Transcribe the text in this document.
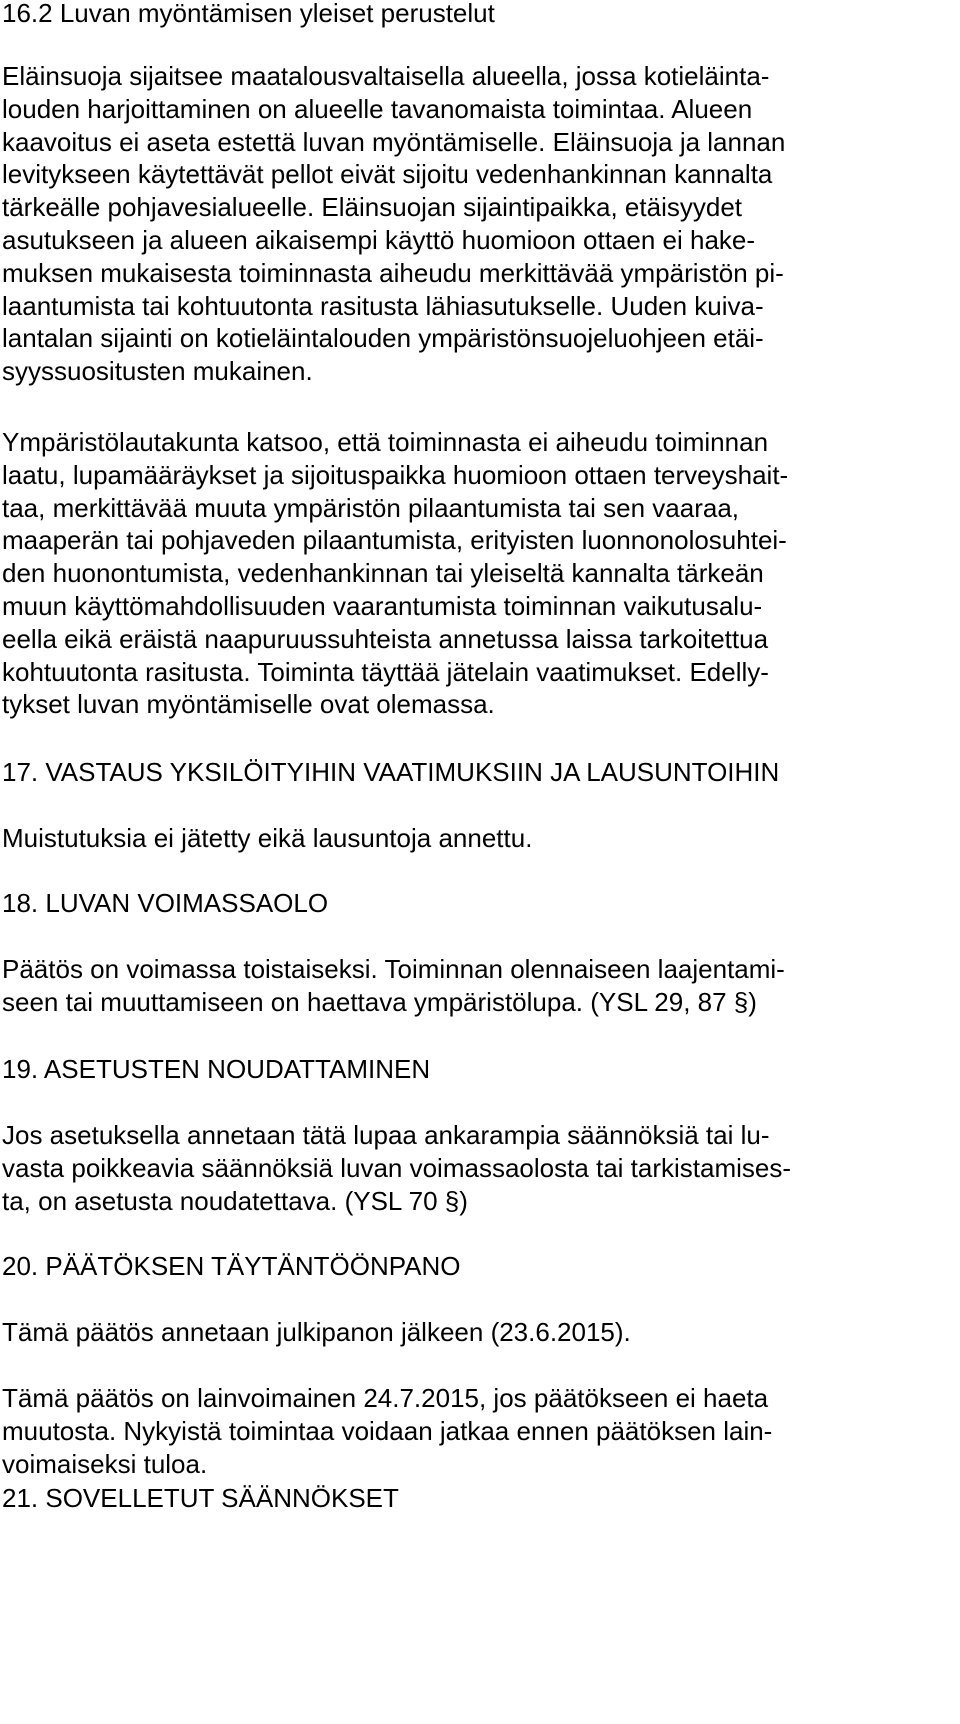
16.2 Luvan myöntämisen yleiset perustelut
Eläinsuoja sijaitsee maatalousvaltaisella alueella, jossa kotieläinta-
louden harjoittaminen on alueelle tavanomaista toimintaa. Alueen
kaavoitus ei aseta estettä luvan myöntämiselle. Eläinsuoja ja lannan
levitykseen käytettävät pellot eivät sijoitu vedenhankinnan kannalta
tärkeälle pohjavesialueelle. Eläinsuojan sijaintipaikka, etäisyydet
asutukseen ja alueen aikaisempi käyttö huomioon ottaen ei hake-
muksen mukaisesta toiminnasta aiheudu merkittävää ympäristön pi-
laantumista tai kohtuutonta rasitusta lähiasutukselle. Uuden kuiva-
lantalan sijainti on kotieläintalouden ympäristönsuojeluohjeen etäi-
syyssuositusten mukainen.
Ympäristölautakunta katsoo, että toiminnasta ei aiheudu toiminnan
laatu, lupamääräykset ja sijoituspaikka huomioon ottaen terveyshait-
taa, merkittävää muuta ympäristön pilaantumista tai sen vaaraa,
maaperän tai pohjaveden pilaantumista, erityisten luonnonolosuhtei-
den huonontumista, vedenhankinnan tai yleiseltä kannalta tärkeän
muun käyttömahdollisuuden vaarantumista toiminnan vaikutusalu-
eella eikä eräistä naapuruussuhteista annetussa laissa tarkoitettua
kohtuutonta rasitusta. Toiminta täyttää jätelain vaatimukset. Edelly-
tykset luvan myöntämiselle ovat olemassa.
17. VASTAUS YKSILÖITYIHIN VAATIMUKSIIN JA LAUSUNTOIHIN
Muistutuksia ei jätetty eikä lausuntoja annettu.
18. LUVAN VOIMASSAOLO
Päätös on voimassa toistaiseksi. Toiminnan olennaiseen laajentami-
seen tai muuttamiseen on haettava ympäristölupa. (YSL 29, 87 §)
19. ASETUSTEN NOUDATTAMINEN
Jos asetuksella annetaan tätä lupaa ankarampia säännöksiä tai lu-
vasta poikkeavia säännöksiä luvan voimassaolosta tai tarkistamises-
ta, on asetusta noudatettava. (YSL 70 §)
20. PÄÄTÖKSEN TÄYTÄNTÖÖNPANO
Tämä päätös annetaan julkipanon jälkeen (23.6.2015).
Tämä päätös on lainvoimainen 24.7.2015, jos päätökseen ei haeta
muutosta. Nykyistä toimintaa voidaan jatkaa ennen päätöksen lain-
voimaiseksi tuloa.
21. SOVELLETUT SÄÄNNÖKSET
